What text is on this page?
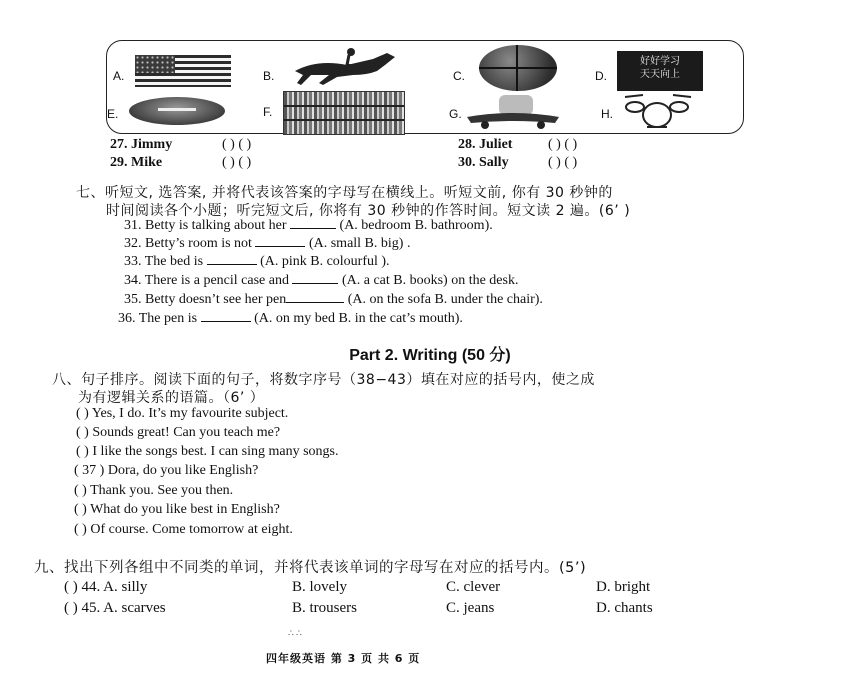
A.	B.	C.	D.
好好学习
天天向上
E.	F.	G.	H.
27. Jimmy	( ) ( )	28. Juliet	( ) ( )
29. Mike	( ) ( )	30. Sally	( ) ( )
七、听短文, 选答案, 并将代表该答案的字母写在横线上。听短文前, 你有 30 秒钟的
时间阅读各个小题；听完短文后, 你将有 30 秒钟的作答时间。短文读 2 遍。(6’ )
31. Betty is talking about her	(A. bedroom B. bathroom).
32. Betty’s room is not	(A. small B. big) .
33. The bed is	(A. pink B. colourful ).
34. There is a pencil case and	(A. a cat B. books) on the desk.
35. Betty doesn’t see her pen	(A. on the sofa B. under the chair).
36. The pen is	(A. on my bed B. in the cat’s mouth).
Part 2. Writing (50 分)
八、句子排序。阅读下面的句子，将数字序号（38−43）填在对应的括号内，使之成
为有逻辑关系的语篇。（6’ ）
( ) Yes, I do. It’s my favourite subject.
( ) Sounds great! Can you teach me?
( ) I like the songs best. I can sing many songs.
( 37 ) Dora, do you like English?
( ) Thank you. See you then.
( ) What do you like best in English?
( ) Of course. Come tomorrow at eight.
九、找出下列各组中不同类的单词，并将代表该单词的字母写在对应的括号内。(5’)
( ) 44. A. silly	B. lovely	C. clever	D. bright
( ) 45. A. scarves	B. trousers	C. jeans	D. chants
∴ ∴
四年级英语 第 3 页 共 6 页
